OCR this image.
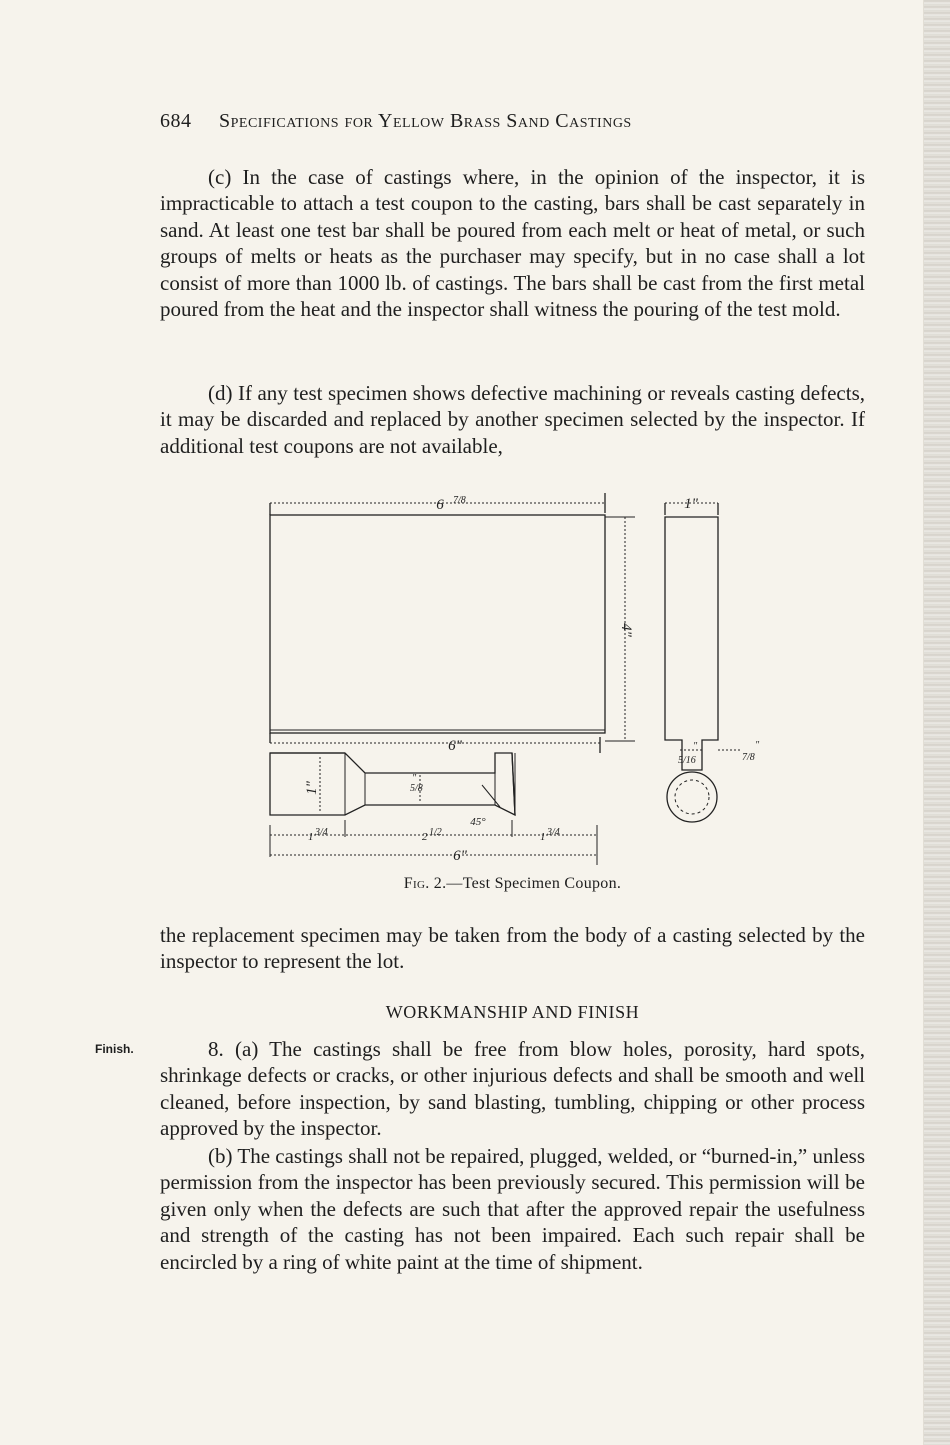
684 Specifications for Yellow Brass Sand Castings

(c) In the case of castings where, in the opinion of the inspector, it is impracticable to attach a test coupon to the casting, bars shall be cast separately in sand. At least one test bar shall be poured from each melt or heat of metal, or such groups of melts or heats as the purchaser may specify, but in no case shall a lot consist of more than 1000 lb. of castings. The bars shall be cast from the first metal poured from the heat and the inspector shall witness the pouring of the test mold.

(d) If any test specimen shows defective machining or reveals casting defects, it may be discarded and replaced by another specimen selected by the inspector. If additional test coupons are not available,

6 7/8	1"
4"
6"
1"	5/8
"
1 3/4	2 1/2
45°
1 3/4
6"
5/16
"
7/8
"
Fig. 2.—Test Specimen Coupon.

the replacement specimen may be taken from the body of a casting selected by the inspector to represent the lot.

WORKMANSHIP AND FINISH
Finish.	8. (a) The castings shall be free from blow holes, porosity, hard spots, shrinkage defects or cracks, or other injurious defects and shall be smooth and well cleaned, before inspection, by sand blasting, tumbling, chipping or other process approved by the inspector.

(b) The castings shall not be repaired, plugged, welded, or “burned-in,” unless permission from the inspector has been previously secured. This permission will be given only when the defects are such that after the approved repair the usefulness and strength of the casting has not been impaired. Each such repair shall be encircled by a ring of white paint at the time of shipment.
